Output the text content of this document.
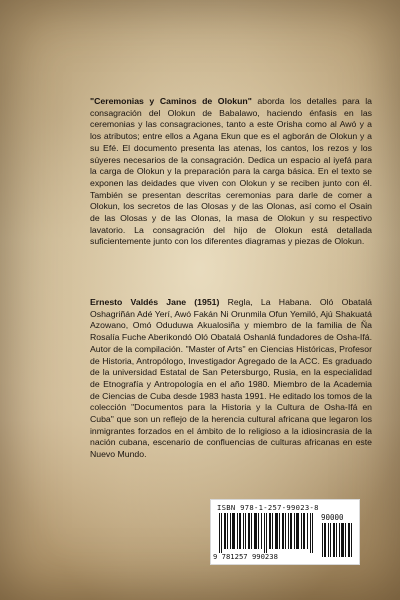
"Ceremonias y Caminos de Olokun" aborda los detalles para la consagración del Olokun de Babalawo, haciendo énfasis en las ceremonias y las consagraciones, tanto a este Orisha como al Awó y a los atributos; entre ellos a Agana Ekun que es el agborán de Olokun y a su Efé. El documento presenta las atenas, los cantos, los rezos y los súyeres necesarios de la consagración. Dedica un espacio al iyefá para la carga de Olokun y la preparación para la carga básica. En el texto se exponen las deidades que viven con Olokun y se reciben junto con él. También se presentan descritas ceremonias para darle de comer a Olokun, los secretos de las Olosas y de las Olonas, así como el Osain de las Olosas y de las Olonas, la masa de Olokun y su respectivo lavatorio. La consagración del hijo de Olokun está detallada suficientemente junto con los diferentes diagramas y piezas de Olokun.

Ernesto Valdés Jane (1951) Regla, La Habana. Oló Obatalá Oshagriñán Adé Yerí, Awó Fakán Ni Orunmila Ofun Yemiló, Ajú Shakuatá Azowano, Omó Oduduwa Akualosiña y miembro de la familia de Ña Rosalía Fuche Aberikondó Oló Obatalá Oshanlá fundadores de Osha-Ifá. Autor de la compilación. "Master of Arts" en Ciencias Históricas, Profesor de Historia, Antropólogo, Investigador Agregado de la ACC. Es graduado de la universidad Estatal de San Petersburgo, Rusia, en la especialidad de Etnografía y Antropología en el año 1980. Miembro de la Academia de Ciencias de Cuba desde 1983 hasta 1991. He editado los tomos de la colección "Documentos para la Historia y la Cultura de Osha-Ifá en Cuba" que son un reflejo de la herencia cultural africana que legaron los inmigrantes forzados en el ámbito de lo religioso a la idiosincrasia de la nación cubana, escenario de confluencias de culturas africanas en este Nuevo Mundo.

ISBN 978-1-257-99023-8
9 781257 990238
90000
